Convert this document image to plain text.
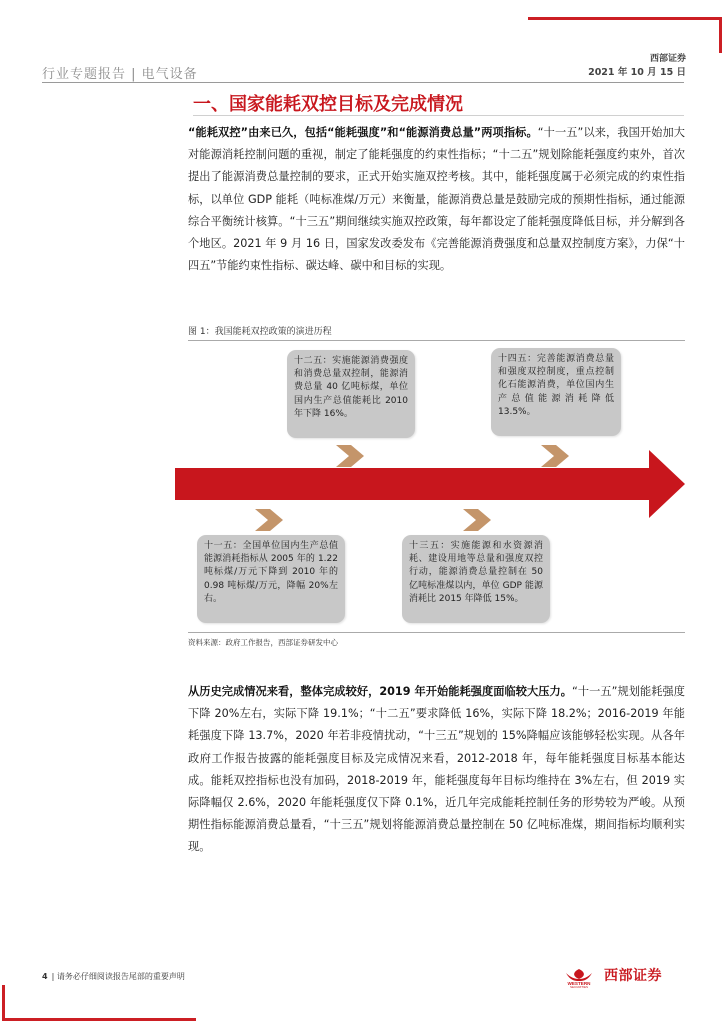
行业专题报告 | 电气设备
西部证券
2021 年 10 月 15 日
一、国家能耗双控目标及完成情况
“能耗双控”由来已久，包括“能耗强度”和“能源消费总量”两项指标。“十一五”以来，我国开始加大对能源消耗控制问题的重视，制定了能耗强度的约束性指标；“十二五”规划除能耗强度约束外，首次提出了能源消费总量控制的要求，正式开始实施双控考核。其中，能耗强度属于必须完成的约束性指标，以单位 GDP 能耗（吨标准煤/万元）来衡量，能源消费总量是鼓励完成的预期性指标，通过能源综合平衡统计核算。“十三五”期间继续实施双控政策，每年都设定了能耗强度降低目标，并分解到各个地区。2021 年 9 月 16 日，国家发改委发布《完善能源消费强度和总量双控制度方案》，力保“十四五”节能约束性指标、碳达峰、碳中和目标的实现。
图 1：我国能耗双控政策的演进历程
十二五：实施能源消费强度和消费总量双控制，能源消费总量 40 亿吨标煤，单位国内生产总值能耗比 2010 年下降 16%。
十四五：完善能源消费总量和强度双控制度，重点控制化石能源消费，单位国内生产总值能源消耗降低 13.5%。
十一五：全国单位国内生产总值能源消耗指标从 2005 年的 1.22 吨标煤/万元下降到 2010 年的 0.98 吨标煤/万元，降幅 20%左右。
十三五：实施能源和水资源消耗、建设用地等总量和强度双控行动，能源消费总量控制在 50 亿吨标准煤以内，单位 GDP 能源消耗比 2015 年降低 15%。
资料来源：政府工作报告，西部证券研发中心
从历史完成情况来看，整体完成较好，2019 年开始能耗强度面临较大压力。“十一五”规划能耗强度下降 20%左右，实际下降 19.1%；“十二五”要求降低 16%，实际下降 18.2%；2016-2019 年能耗强度下降 13.7%，2020 年若非疫情扰动，“十三五”规划的 15%降幅应该能够轻松实现。从各年政府工作报告披露的能耗强度目标及完成情况来看，2012-2018 年，每年能耗强度目标基本能达成。能耗双控指标也没有加码，2018-2019 年，能耗强度每年目标均维持在 3%左右，但 2019 实际降幅仅 2.6%，2020 年能耗强度仅下降 0.1%，近几年完成能耗控制任务的形势较为严峻。从预期性指标能源消费总量看，“十三五”规划将能源消费总量控制在 50 亿吨标准煤，期间指标均顺利实现。
4 | 请务必仔细阅读报告尾部的重要声明
WESTERN
SECURITIES
西部证券
